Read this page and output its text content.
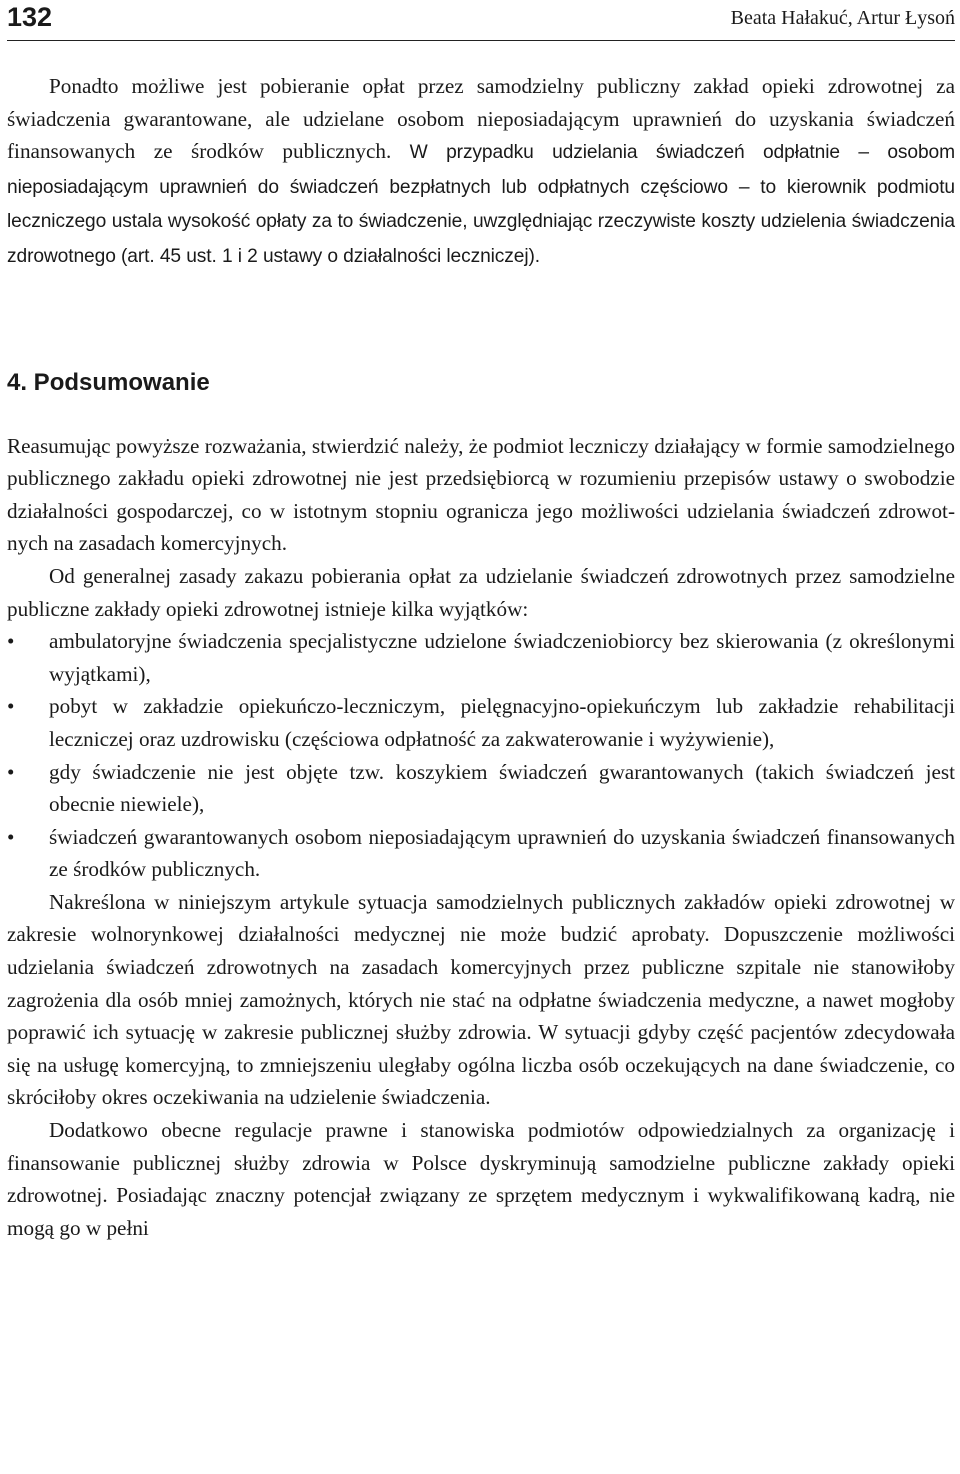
132	Beata Hałakuć, Artur Łysoń

Ponadto możliwe jest pobieranie opłat przez samodzielny publiczny zakład opieki zdrowotnej za świadczenia gwarantowane, ale udzielane osobom nieposiadającym uprawnień do uzyskania świadczeń finansowanych ze środków publicznych. W przypadku udzielania świadczeń odpłatnie – osobom nieposiadającym uprawnień do świadczeń bezpłatnych lub odpłatnych częściowo – to kierownik podmiotu leczniczego ustala wysokość opłaty za to świadczenie, uwzględniając rzeczywiste koszty udzielenia świadczenia zdrowotnego (art. 45 ust. 1 i 2 ustawy o działalności leczniczej).

4. Podsumowanie

Reasumując powyższe rozważania, stwierdzić należy, że podmiot leczniczy działający w formie samodzielnego publicznego zakładu opieki zdrowotnej nie jest przedsiębiorcą w rozumieniu przepisów ustawy o swobodzie działalności gospodarczej, co w istotnym stopniu ogranicza jego możliwości udzielania świadczeń zdrowotnych na zasadach komercyjnych.

Od generalnej zasady zakazu pobierania opłat za udzielanie świadczeń zdrowotnych przez samodzielne publiczne zakłady opieki zdrowotnej istnieje kilka wyjątków:

• ambulatoryjne świadczenia specjalistyczne udzielone świadczeniobiorcy bez skierowania (z określonymi wyjątkami),
• pobyt w zakładzie opiekuńczo-leczniczym, pielęgnacyjno-opiekuńczym lub zakładzie rehabilitacji leczniczej oraz uzdrowisku (częściowa odpłatność za zakwaterowanie i wyżywienie),
• gdy świadczenie nie jest objęte tzw. koszykiem świadczeń gwarantowanych (takich świadczeń jest obecnie niewiele),
• świadczeń gwarantowanych osobom nieposiadającym uprawnień do uzyskania świadczeń finansowanych ze środków publicznych.

Nakreślona w niniejszym artykule sytuacja samodzielnych publicznych zakładów opieki zdrowotnej w zakresie wolnorynkowej działalności medycznej nie może budzić aprobaty. Dopuszczenie możliwości udzielania świadczeń zdrowotnych na zasadach komercyjnych przez publiczne szpitale nie stanowiłoby zagrożenia dla osób mniej zamożnych, których nie stać na odpłatne świadczenia medyczne, a nawet mogłoby poprawić ich sytuację w zakresie publicznej służby zdrowia. W sytuacji gdyby część pacjentów zdecydowała się na usługę komercyjną, to zmniejszeniu uległaby ogólna liczba osób oczekujących na dane świadczenie, co skróciłoby okres oczekiwania na udzielenie świadczenia.

Dodatkowo obecne regulacje prawne i stanowiska podmiotów odpowiedzialnych za organizację i finansowanie publicznej służby zdrowia w Polsce dyskryminują samodzielne publiczne zakłady opieki zdrowotnej. Posiadając znaczny potencjał związany ze sprzętem medycznym i wykwalifikowaną kadrą, nie mogą go w pełni
